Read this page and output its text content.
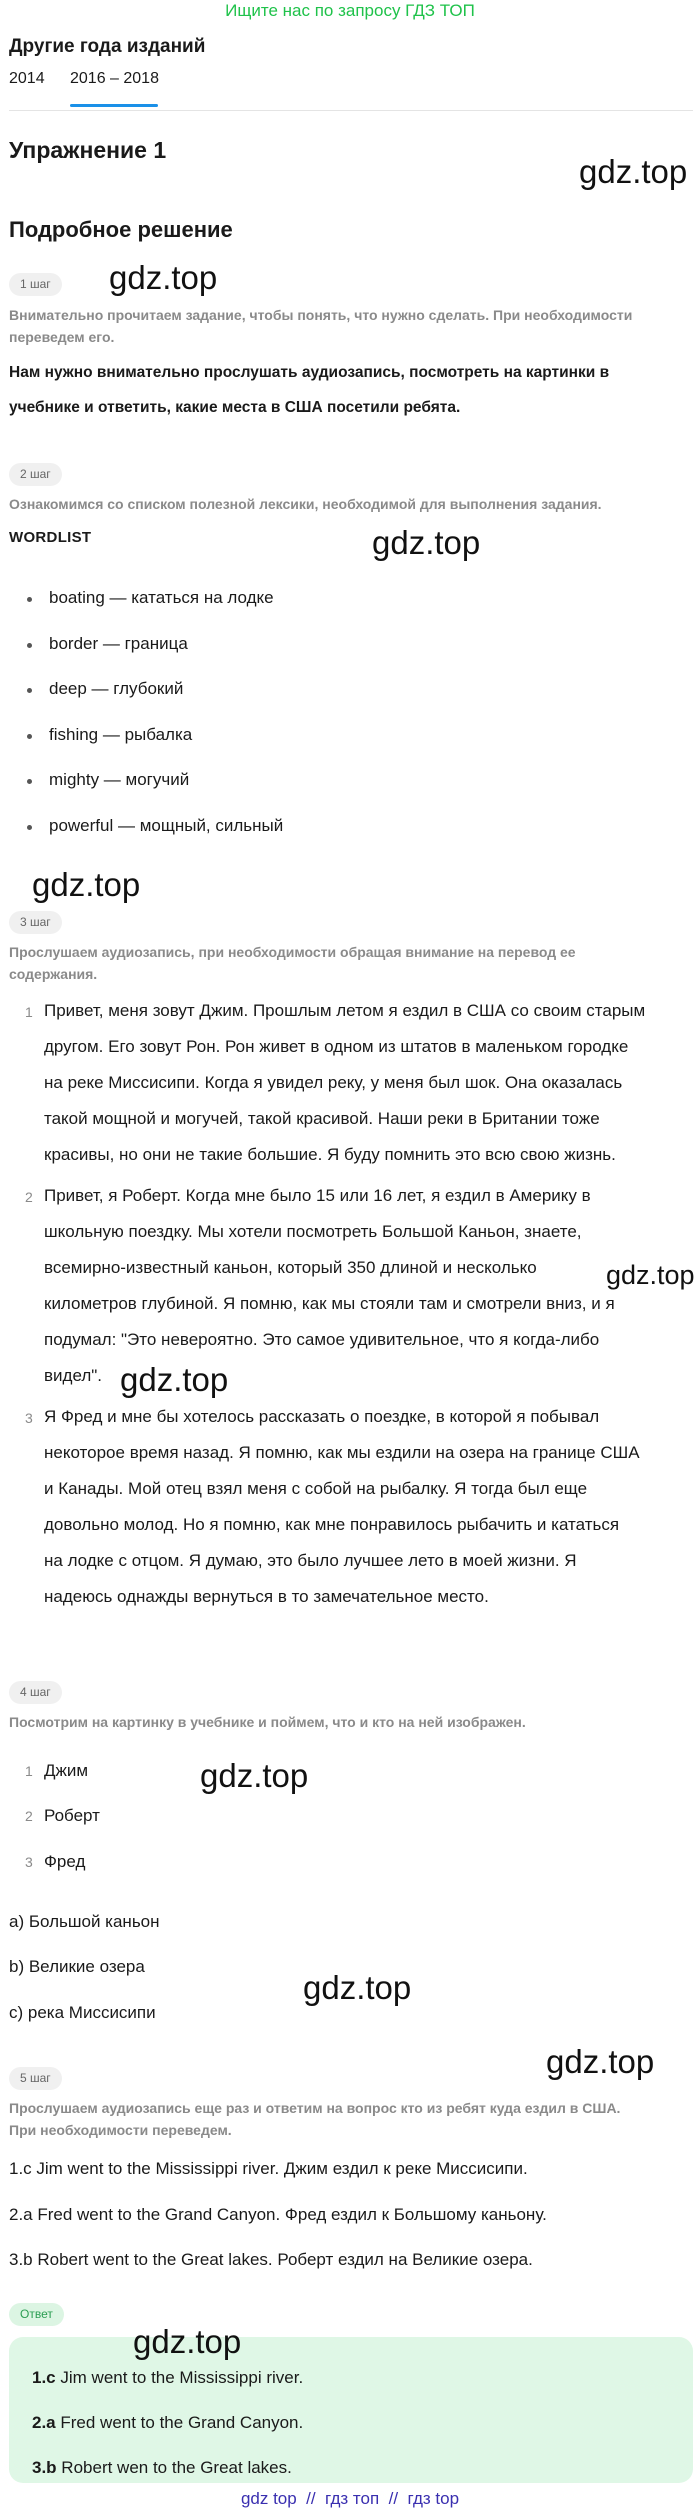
Ищите нас по запросу ГДЗ ТОП
Другие года изданий
2014 2016 – 2018
Упражнение 1
gdz.top
Подробное решение
1 шаг	gdz.top
Внимательно прочитаем задание, чтобы понять, что нужно сделать. При необходимости
переведем его.
Нам нужно внимательно прослушать аудиозапись, посмотреть на картинки в
учебнике и ответить, какие места в США посетили ребята.
2 шаг
Ознакомимся со списком полезной лексики, необходимой для выполнения задания.
WORDLIST	gdz.top
boating — кататься на лодке
border — граница
deep — глубокий
fishing — рыбалка
mighty — могучий
powerful — мощный, сильный
gdz.top
3 шаг
Прослушаем аудиозапись, при необходимости обращая внимание на перевод ее
содержания.
1 Привет, меня зовут Джим. Прошлым летом я ездил в США со своим старым
другом. Его зовут Рон. Рон живет в одном из штатов в маленьком городке
на реке Миссисипи. Когда я увидел реку, у меня был шок. Она оказалась
такой мощной и могучей, такой красивой. Наши реки в Британии тоже
красивы, но они не такие большие. Я буду помнить это всю свою жизнь.
2 Привет, я Роберт. Когда мне было 15 или 16 лет, я ездил в Америку в
школьную поездку. Мы хотели посмотреть Большой Каньон, знаете,
всемирно-известный каньон, который 350 длиной и несколько	gdz.top
километров глубиной. Я помню, как мы стояли там и смотрели вниз, и я
подумал: "Это невероятно. Это самое удивительное, что я когда-либо
видел". gdz.top
3 Я Фред и мне бы хотелось рассказать о поездке, в которой я побывал
некоторое время назад. Я помню, как мы ездили на озера на границе США
и Канады. Мой отец взял меня с собой на рыбалку. Я тогда был еще
довольно молод. Но я помню, как мне понравилось рыбачить и кататься
на лодке с отцом. Я думаю, это было лучшее лето в моей жизни. Я
надеюсь однажды вернуться в то замечательное место.
4 шаг
Посмотрим на картинку в учебнике и поймем, что и кто на ней изображен.
1 Джим	gdz.top
2 Роберт
3 Фред
a) Большой каньон
b) Великие озера
gdz.top
c) река Миссисипи
gdz.top
5 шаг
Прослушаем аудиозапись еще раз и ответим на вопрос кто из ребят куда ездил в США.
При необходимости переведем.
1.c Jim went to the Mississippi river. Джим ездил к реке Миссисипи.
2.a Fred went to the Grand Canyon. Фред ездил к Большому каньону.
3.b Robert went to the Great lakes. Роберт ездил на Великие озера.
Ответ
gdz.top
1.c Jim went to the Mississippi river.
2.a Fred went to the Grand Canyon.
3.b Robert wen to the Great lakes.
gdz top  //  гдз топ  //  гдз top
